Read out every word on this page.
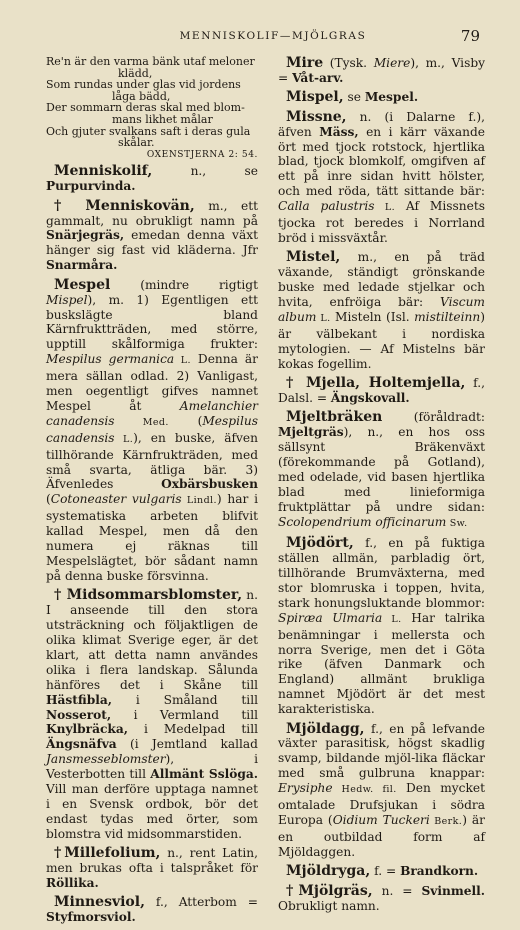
MENNISKOLIF—MJÖLGRAS	79
Re'n är den varma bänk utaf meloner
klädd,
Som rundas under glas vid jordens
låga bädd,
Der sommarn deras skal med blom-
mans likhet målar
Och gjuter svalkans saft i deras gula
skålar.
OXENSTJERNA 2: 54.

Menniskolif, n., se Purpurvinda.

† Menniskovän, m., ett gammalt, nu obrukligt namn på Snärjegräs, emedan denna växt hänger sig fast vid kläderna. Jfr Snarmåra.

Mespel (mindre rigtigt Mispel), m. 1) Egentligen ett buskslägte bland Kärnfruktträden, med större, upptill skålformiga frukter: Mespilus germanica L. Denna är mera sällan odlad. 2) Vanligast, men oegentligt gifves namnet Mespel åt Amelanchier canadensis Med. (Mespilus canadensis L.), en buske, äfven tillhörande Kärnfrukträden, med små svarta, ätliga bär. 3) Äfvenledes Oxbärsbusken (Cotoneaster vulgaris Lindl.) har i systematiska arbeten blifvit kallad Mespel, men då den numera ej räknas till Mespelslägtet, bör sådant namn på denna buske försvinna.

† Midsommarsblomster, n. I anseende till den stora utsträckning och följaktligen de olika klimat Sverige eger, är det klart, att detta namn användes olika i flera landskap. Sålunda hänföres det i Skåne till Hästfibla, i Småland till Nosserot, i Vermland till Knylbräcka, i Medelpad till Ängsnäfva (i Jemtland kallad Jansmesseblomster), i Vesterbotten till Allmänt Sslöga. Vill man derföre upptaga namnet i en Svensk ordbok, bör det endast tydas med örter, som blomstra vid midsommarstiden.

†Millefolium, n., rent Latin, men brukas ofta i talspråket för Röllika.

Minnesviol, f., Atterbom = Styfmorsviol.

Mire (Tysk. Miere), m., Visby = Våt-arv.

Mispel, se Mespel.

Missne, n. (i Dalarne f.), äfven Mäss, en i kärr växande ört med tjock rotstock, hjertlika blad, tjock blomkolf, omgifven af ett på inre sidan hvitt hölster, och med röda, tätt sittande bär: Calla palustris L. Af Missnets tjocka rot beredes i Norrland bröd i missväxtår.

Mistel, m., en på träd växande, ständigt grönskande buske med ledade stjelkar och hvita, enfröiga bär: Viscum album L. Misteln (Isl. mistilteinn) är välbekant i nordiska mytologien. — Af Mistelns bär kokas fogellim.

† Mjella, Holtemjella, f., Dalsl. = Ängskovall.

Mjeltbräken (föråldradt: Mjeltgräs), n., en hos oss sällsynt Bräkenväxt (förekommande på Gotland), med odelade, vid basen hjertlika blad med linieformiga fruktplättar på undre sidan: Scolopendrium officinarum Sw.

Mjödört, f., en på fuktiga ställen allmän, parbladig ört, tillhörande Brumväxterna, med stor blomruska i toppen, hvita, stark honungsluktande blommor: Spiræa Ulmaria L. Har talrika benämningar i mellersta och norra Sverige, men det i Göta rike (äfven Danmark och England) allmänt brukliga namnet Mjödört är det mest karakteristiska.

Mjöldagg, f., en på lefvande växter parasitisk, högst skadlig svamp, bildande mjöl-lika fläckar med små gulbruna knappar: Erysiphe Hedw. fil. Den mycket omtalade Drufsjukan i södra Europa (Oidium Tuckeri Berk.) är en outbildad form af Mjöldaggen.

Mjöldryga, f. = Brandkorn.

†Mjölgräs, n. = Svinmell. Obrukligt namn.
